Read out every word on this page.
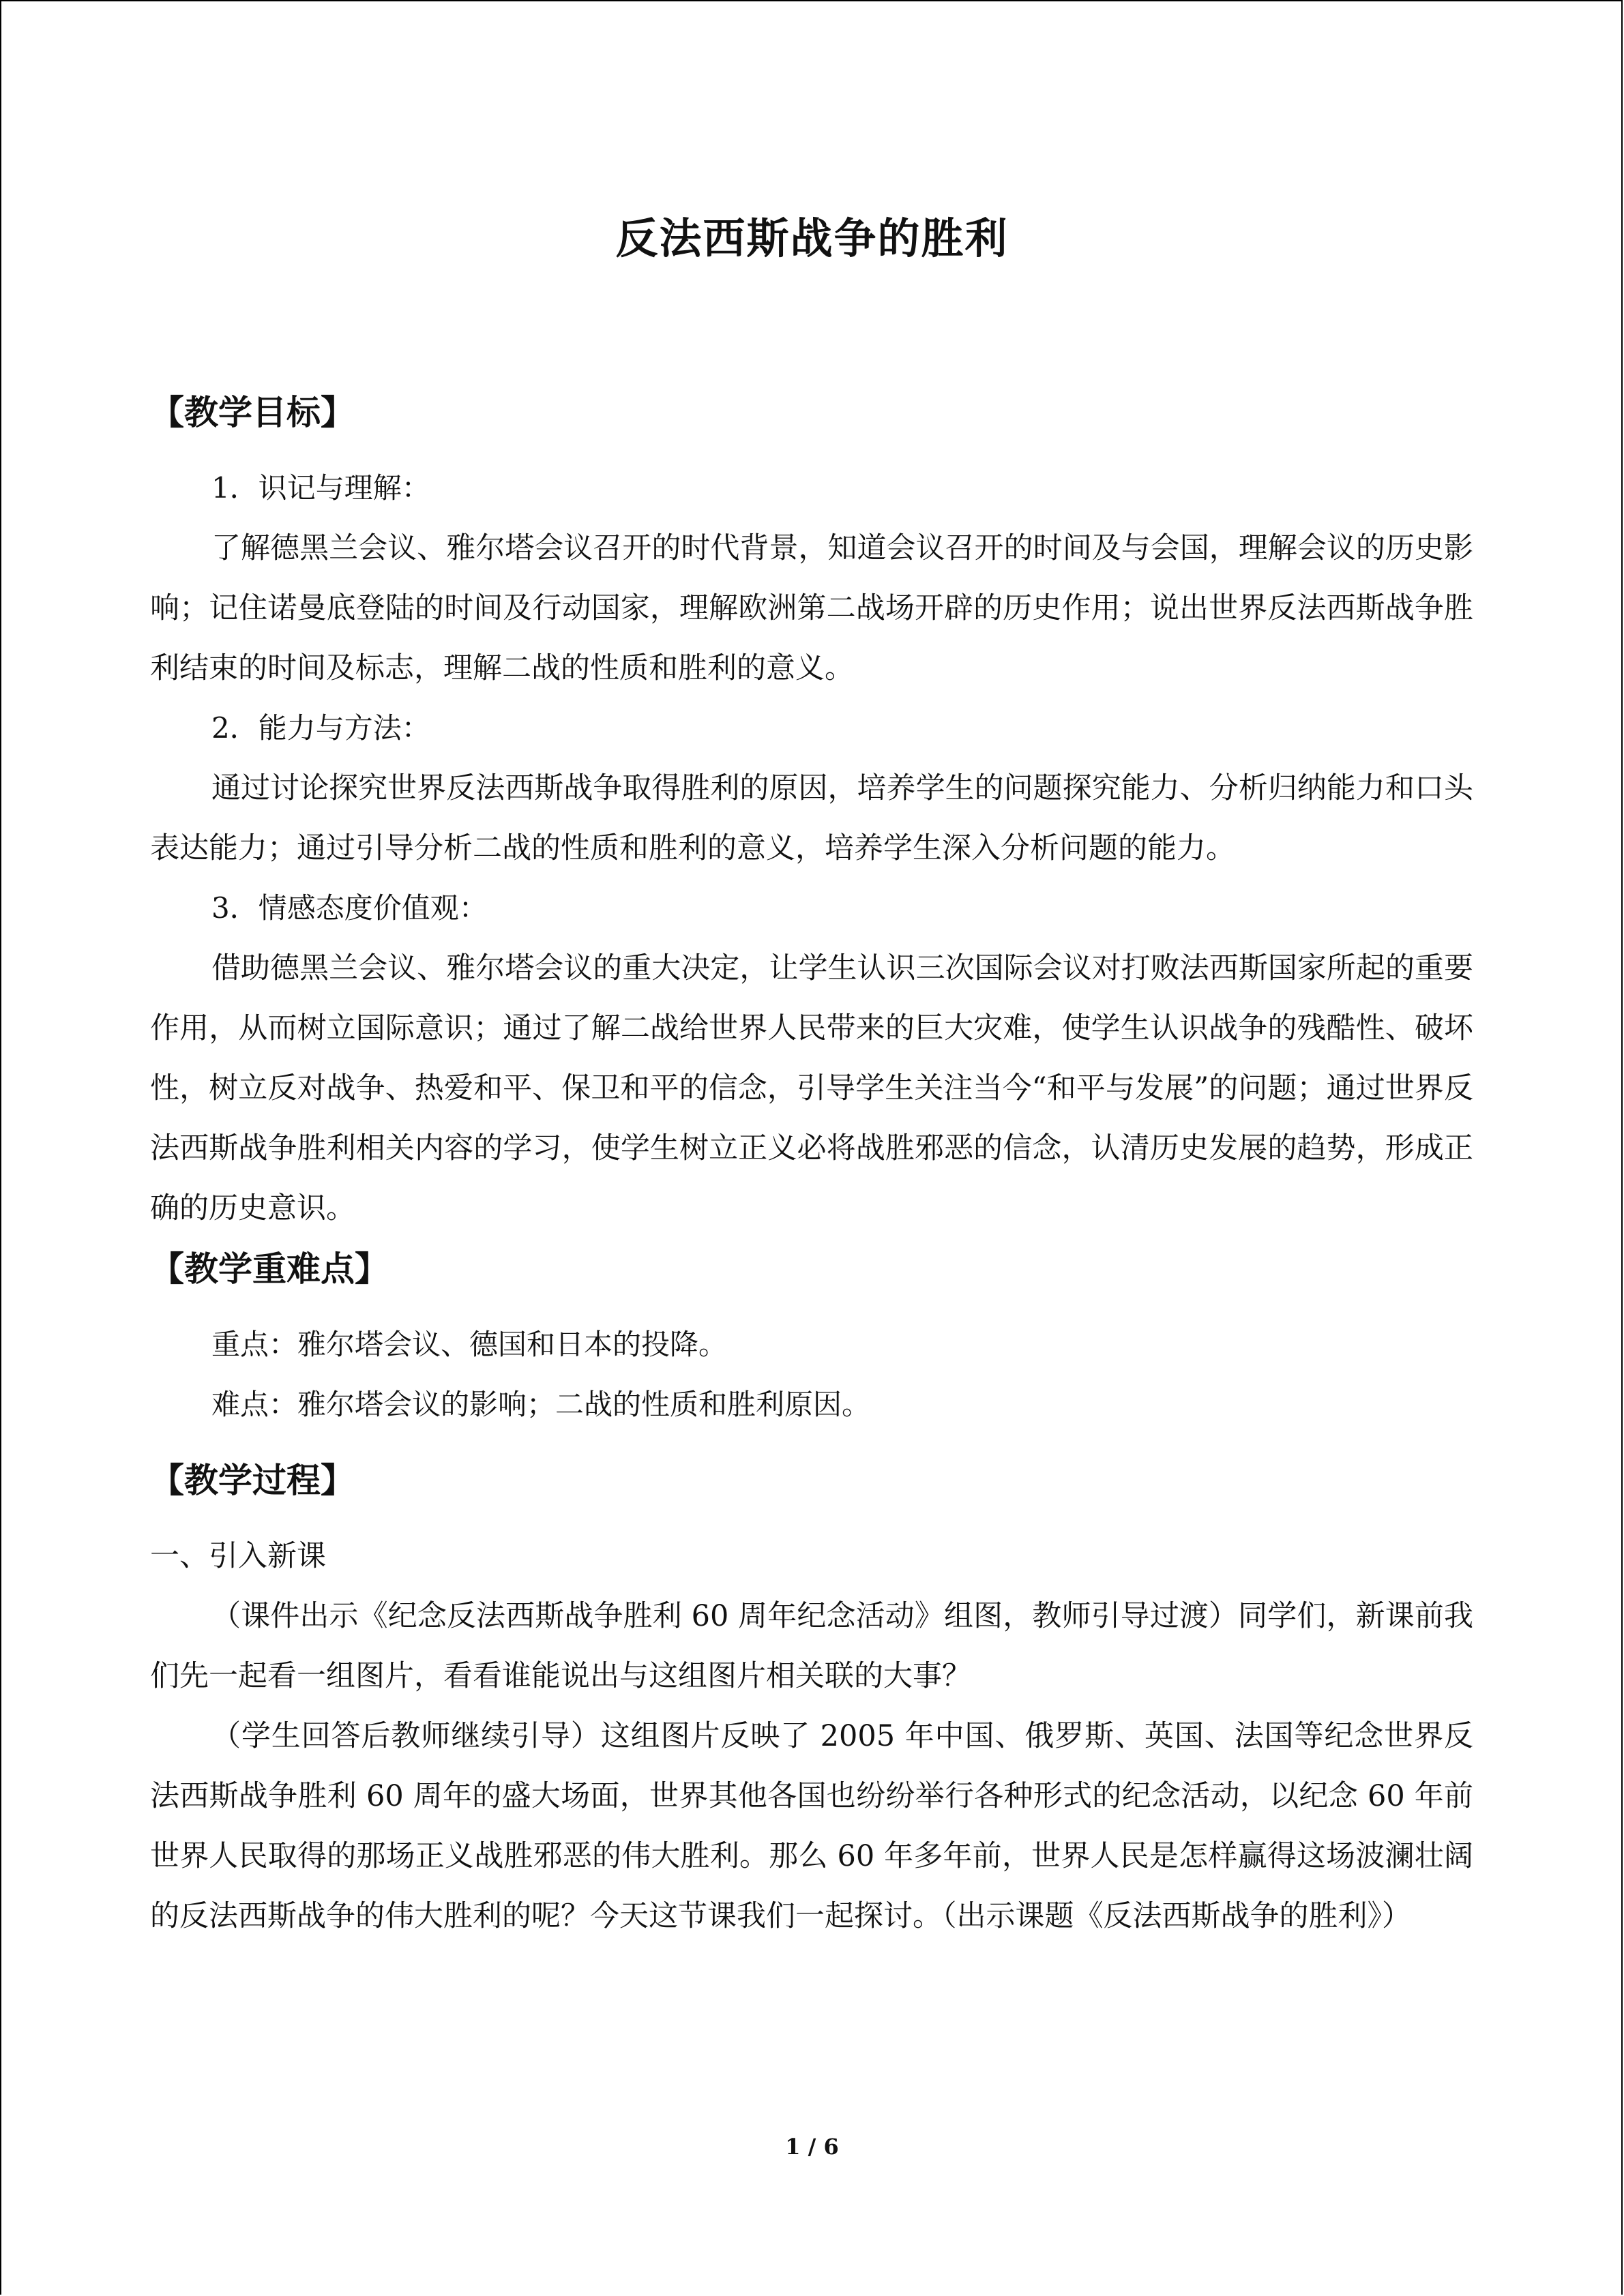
反法西斯战争的胜利
【教学目标】

1．识记与理解：

了解德黑兰会议、雅尔塔会议召开的时代背景，知道会议召开的时间及与会国，理解会议的历史影响；记住诺曼底登陆的时间及行动国家，理解欧洲第二战场开辟的历史作用；说出世界反法西斯战争胜利结束的时间及标志，理解二战的性质和胜利的意义。

2．能力与方法：

通过讨论探究世界反法西斯战争取得胜利的原因，培养学生的问题探究能力、分析归纳能力和口头表达能力；通过引导分析二战的性质和胜利的意义，培养学生深入分析问题的能力。

3．情感态度价值观：

借助德黑兰会议、雅尔塔会议的重大决定，让学生认识三次国际会议对打败法西斯国家所起的重要作用，从而树立国际意识；通过了解二战给世界人民带来的巨大灾难，使学生认识战争的残酷性、破坏性，树立反对战争、热爱和平、保卫和平的信念，引导学生关注当今“和平与发展”的问题；通过世界反法西斯战争胜利相关内容的学习，使学生树立正义必将战胜邪恶的信念，认清历史发展的趋势，形成正确的历史意识。

【教学重难点】

重点：雅尔塔会议、德国和日本的投降。

难点：雅尔塔会议的影响；二战的性质和胜利原因。

【教学过程】

一、引入新课

（课件出示《纪念反法西斯战争胜利 60 周年纪念活动》组图，教师引导过渡）同学们，新课前我们先一起看一组图片，看看谁能说出与这组图片相关联的大事？

（学生回答后教师继续引导）这组图片反映了 2005 年中国、俄罗斯、英国、法国等纪念世界反法西斯战争胜利 60 周年的盛大场面，世界其他各国也纷纷举行各种形式的纪念活动，以纪念 60 年前世界人民取得的那场正义战胜邪恶的伟大胜利。那么 60 年多年前，世界人民是怎样赢得这场波澜壮阔的反法西斯战争的伟大胜利的呢？今天这节课我们一起探讨。（出示课题《反法西斯战争的胜利》）

1 / 6
